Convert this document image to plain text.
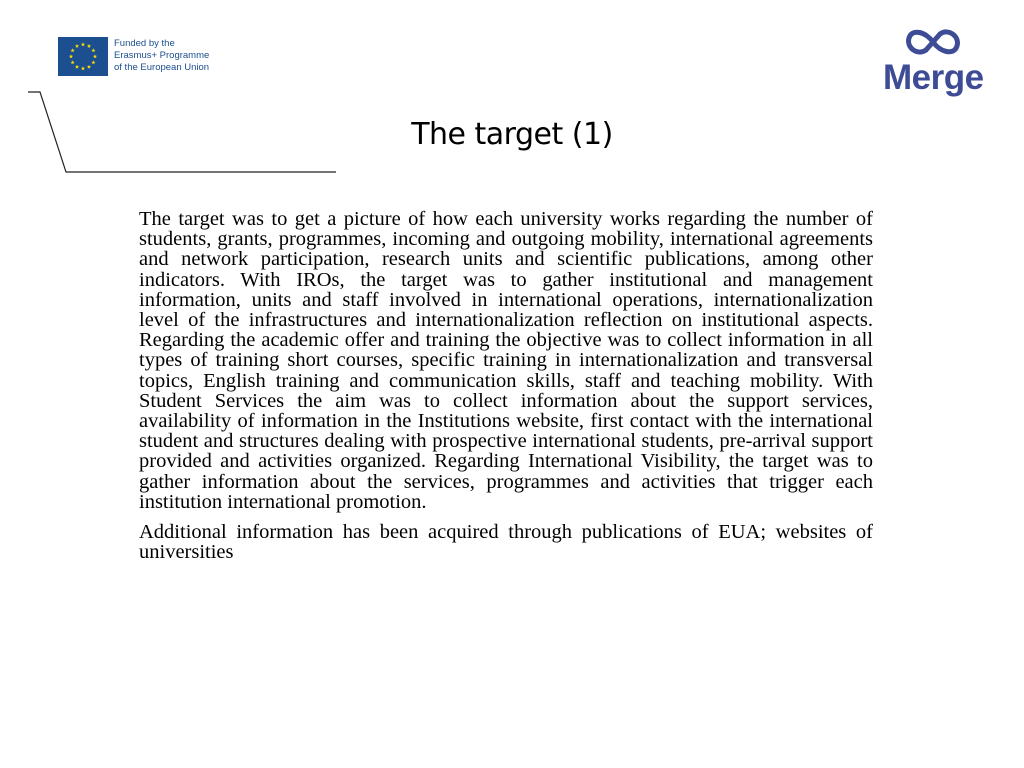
Funded by the
Erasmus+ Programme
of the European Union	Merge
The target (1)

The target was to get a picture of how each university works regarding the number of students, grants, programmes, incoming and outgoing mobility, international agreements and network participation, research units and scientific publications, among other indicators. With IROs, the target was to gather institutional and management information, units and staff involved in international operations, internationalization level of the infrastructures and internationalization reflection on institutional aspects. Regarding the academic offer and training the objective was to collect information in all types of training short courses, specific training in internationalization and transversal topics, English training and communication skills, staff and teaching mobility. With Student Services the aim was to collect information about the support services, availability of information in the Institutions website, first contact with the international student and structures dealing with prospective international students, pre-arrival support provided and activities organized. Regarding International Visibility, the target was to gather information about the services, programmes and activities that trigger each institution international promotion.

Additional information has been acquired through publications of EUA; websites of universities
